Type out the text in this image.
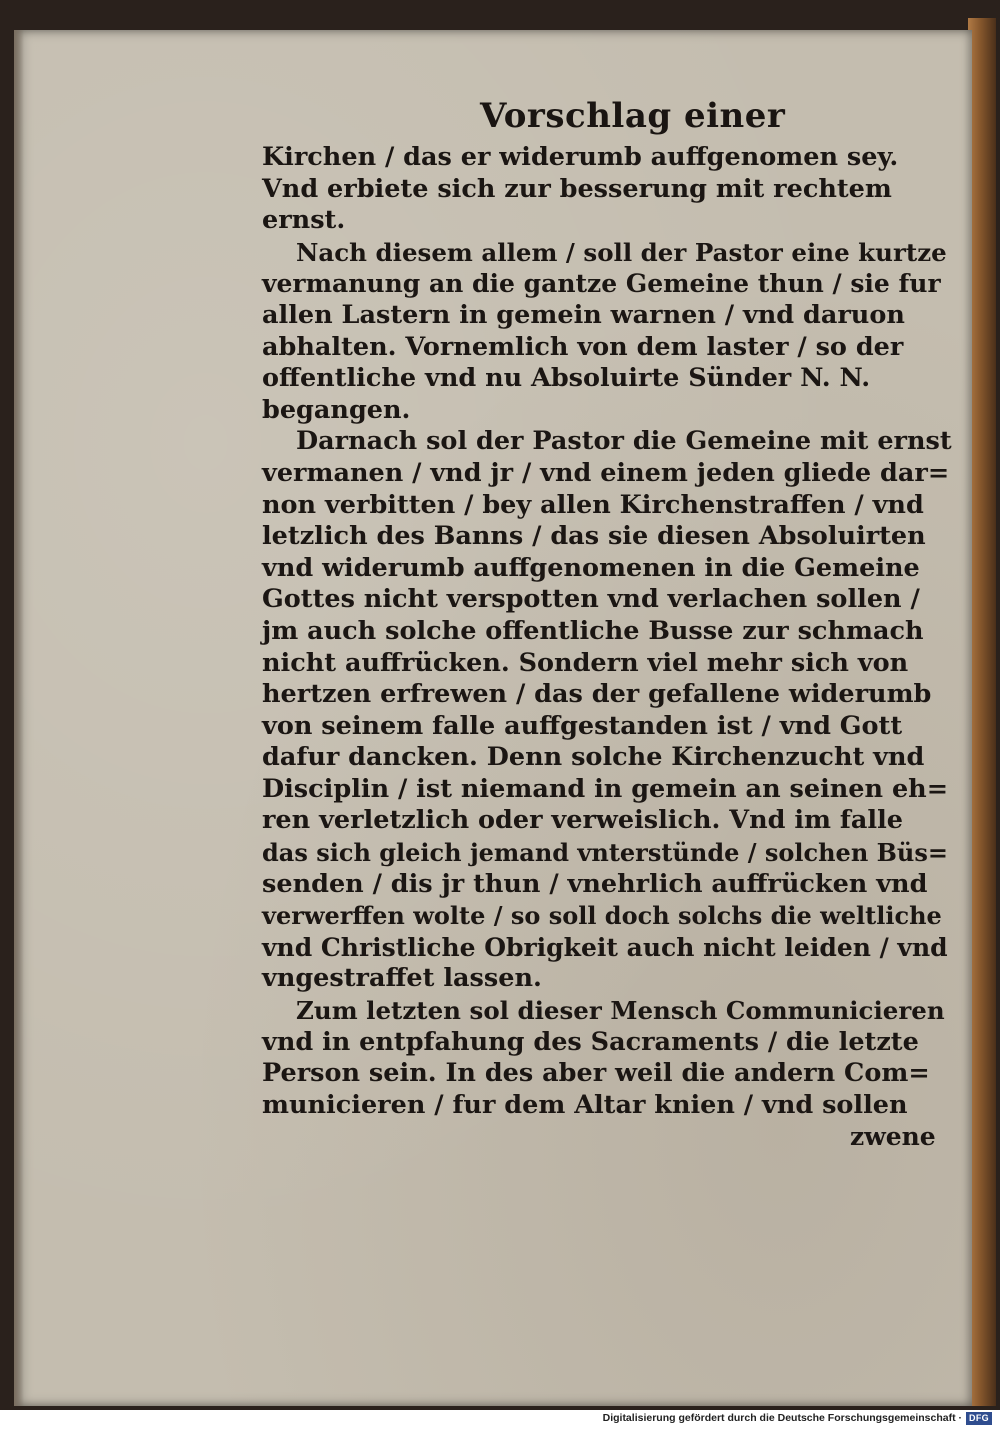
Vorschlag einer
Kirchen / das er widerumb auffgenomen sey.
Vnd erbiete sich zur besserung mit rechtem
ernst.
Nach diesem allem / soll der Pastor eine kurtze
vermanung an die gantze Gemeine thun / sie fur
allen Lastern in gemein warnen / vnd daruon
abhalten. Vornemlich von dem laster / so der
offentliche vnd nu Absoluirte Sünder N. N.
begangen.
Darnach sol der Pastor die Gemeine mit ernst
vermanen / vnd jr / vnd einem jeden gliede dar=
non verbitten / bey allen Kirchenstraffen / vnd
letzlich des Banns / das sie diesen Absoluirten
vnd widerumb auffgenomenen in die Gemeine
Gottes nicht verspotten vnd verlachen sollen /
jm auch solche offentliche Busse zur schmach
nicht auffrücken. Sondern viel mehr sich von
hertzen erfrewen / das der gefallene widerumb
von seinem falle auffgestanden ist / vnd Gott
dafur dancken. Denn solche Kirchenzucht vnd
Disciplin / ist niemand in gemein an seinen eh=
ren verletzlich oder verweislich. Vnd im falle
das sich gleich jemand vnterstünde / solchen Büs=
senden / dis jr thun / vnehrlich auffrücken vnd
verwerffen wolte / so soll doch solchs die weltliche
vnd Christliche Obrigkeit auch nicht leiden / vnd
vngestraffet lassen.
Zum letzten sol dieser Mensch Communicieren
vnd in entpfahung des Sacraments / die letzte
Person sein. In des aber weil die andern Com=
municieren / fur dem Altar knien / vnd sollen
zwene
Digitalisierung gefördert durch die Deutsche Forschungsgemeinschaft · DFG
